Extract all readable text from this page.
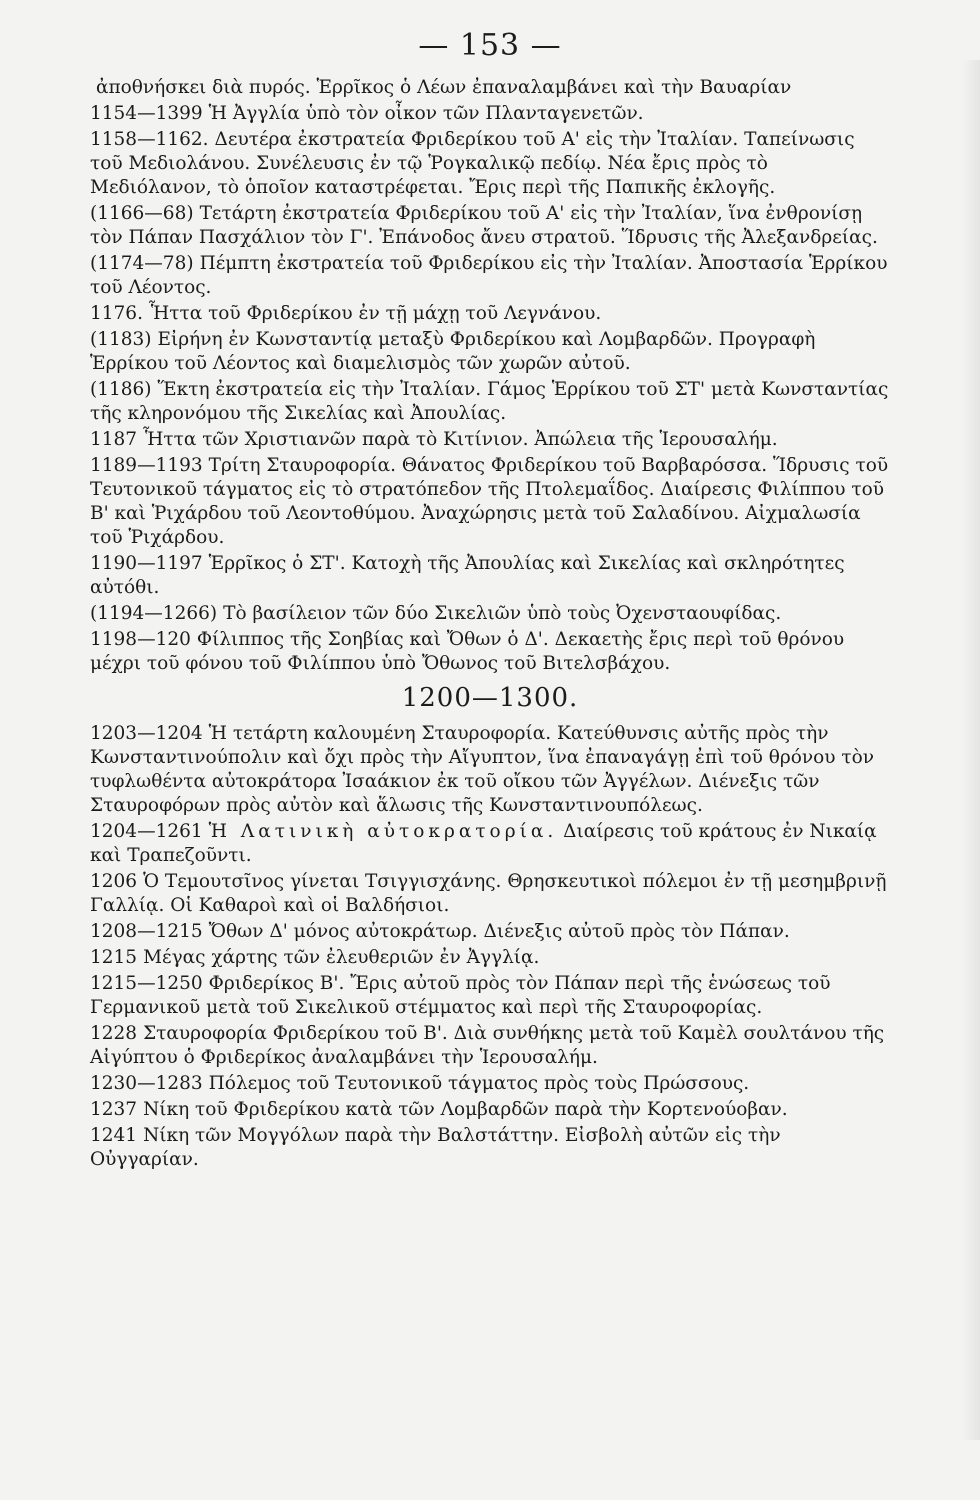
— 153 —

ἀποθνήσκει διὰ πυρός. Ἑρρῖκος ὁ Λέων ἐπαναλαμβάνει καὶ τὴν Βαυαρίαν

1154—1399 Ἡ Ἀγγλία ὑπὸ τὸν οἶκον τῶν Πλανταγενετῶν.

1158—1162. Δευτέρα ἐκστρατεία Φριδερίκου τοῦ Α' εἰς τὴν Ἰταλίαν. Ταπείνωσις τοῦ Μεδιολάνου. Συνέλευσις ἐν τῷ Ῥογκαλικῷ πεδίῳ. Νέα ἔρις πρὸς τὸ Μεδιόλανον, τὸ ὁποῖον καταστρέφεται. Ἔρις περὶ τῆς Παπικῆς ἐκλογῆς.

(1166—68) Τετάρτη ἐκστρατεία Φριδερίκου τοῦ Α' εἰς τὴν Ἰταλίαν, ἵνα ἐνθρονίσῃ τὸν Πάπαν Πασχάλιον τὸν Γ'. Ἐπάνοδος ἄνευ στρατοῦ. Ἵδρυσις τῆς Ἀλεξανδρείας.

(1174—78) Πέμπτη ἐκστρατεία τοῦ Φριδερίκου εἰς τὴν Ἰταλίαν. Ἀποστασία Ἑρρίκου τοῦ Λέοντος.

1176. Ἧττα τοῦ Φριδερίκου ἐν τῇ μάχῃ τοῦ Λεγνάνου.

(1183) Εἰρήνη ἐν Κωνσταντίᾳ μεταξὺ Φριδερίκου καὶ Λομβαρδῶν. Προγραφὴ Ἑρρίκου τοῦ Λέοντος καὶ διαμελισμὸς τῶν χωρῶν αὐτοῦ.

(1186) Ἕκτη ἐκστρατεία εἰς τὴν Ἰταλίαν. Γάμος Ἑρρίκου τοῦ ΣΤ' μετὰ Κωνσταντίας τῆς κληρονόμου τῆς Σικελίας καὶ Ἀπουλίας.

1187 Ἧττα τῶν Χριστιανῶν παρὰ τὸ Κιτίνιον. Ἀπώλεια τῆς Ἱερουσαλήμ.

1189—1193 Τρίτη Σταυροφορία. Θάνατος Φριδερίκου τοῦ Βαρβαρόσσα. Ἵδρυσις τοῦ Τευτονικοῦ τάγματος εἰς τὸ στρατόπεδον τῆς Πτολεμαΐδος. Διαίρεσις Φιλίππου τοῦ Β' καὶ Ῥιχάρδου τοῦ Λεοντοθύμου. Ἀναχώρησις μετὰ τοῦ Σαλαδίνου. Αἰχμαλωσία τοῦ Ῥιχάρδου.

1190—1197 Ἑρρῖκος ὁ ΣΤ'. Κατοχὴ τῆς Ἀπουλίας καὶ Σικελίας καὶ σκληρότητες αὐτόθι.

(1194—1266) Τὸ βασίλειον τῶν δύο Σικελιῶν ὑπὸ τοὺς Ὀχενσταουφίδας.

1198—120 Φίλιππος τῆς Σοηβίας καὶ Ὄθων ὁ Δ'. Δεκαετὴς ἔρις περὶ τοῦ θρόνου μέχρι τοῦ φόνου τοῦ Φιλίππου ὑπὸ Ὄθωνος τοῦ Βιτελσβάχου.

1200—1300.

1203—1204 Ἡ τετάρτη καλουμένη Σταυροφορία. Κατεύθυνσις αὐτῆς πρὸς τὴν Κωνσταντινούπολιν καὶ ὄχι πρὸς τὴν Αἴγυπτον, ἵνα ἐπαναγάγῃ ἐπὶ τοῦ θρόνου τὸν τυφλωθέντα αὐτοκράτορα Ἰσαάκιον ἐκ τοῦ οἴκου τῶν Ἀγγέλων. Διένεξις τῶν Σταυροφόρων πρὸς αὐτὸν καὶ ἅλωσις τῆς Κωνσταντινουπόλεως.

1204—1261 Ἡ Λατινικὴ αὐτοκρατορία. Διαίρεσις τοῦ κράτους ἐν Νικαίᾳ καὶ Τραπεζοῦντι.

1206 Ὁ Τεμουτσῖνος γίνεται Τσιγγισχάνης. Θρησκευτικοὶ πόλεμοι ἐν τῇ μεσημβρινῇ Γαλλίᾳ. Οἱ Καθαροὶ καὶ οἱ Βαλδήσιοι.

1208—1215 Ὄθων Δ' μόνος αὐτοκράτωρ. Διένεξις αὐτοῦ πρὸς τὸν Πάπαν.

1215 Μέγας χάρτης τῶν ἐλευθεριῶν ἐν Ἀγγλίᾳ.

1215—1250 Φριδερίκος Β'. Ἔρις αὐτοῦ πρὸς τὸν Πάπαν περὶ τῆς ἑνώσεως τοῦ Γερμανικοῦ μετὰ τοῦ Σικελικοῦ στέμματος καὶ περὶ τῆς Σταυροφορίας.

1228 Σταυροφορία Φριδερίκου τοῦ Β'. Διὰ συνθήκης μετὰ τοῦ Καμὲλ σουλτάνου τῆς Αἰγύπτου ὁ Φριδερίκος ἀναλαμβάνει τὴν Ἱερουσαλήμ.

1230—1283 Πόλεμος τοῦ Τευτονικοῦ τάγματος πρὸς τοὺς Πρώσσους.

1237 Νίκη τοῦ Φριδερίκου κατὰ τῶν Λομβαρδῶν παρὰ τὴν Κορτενούοβαν.

1241 Νίκη τῶν Μογγόλων παρὰ τὴν Βαλστάττην. Εἰσβολὴ αὐτῶν εἰς τὴν Οὐγγαρίαν.
